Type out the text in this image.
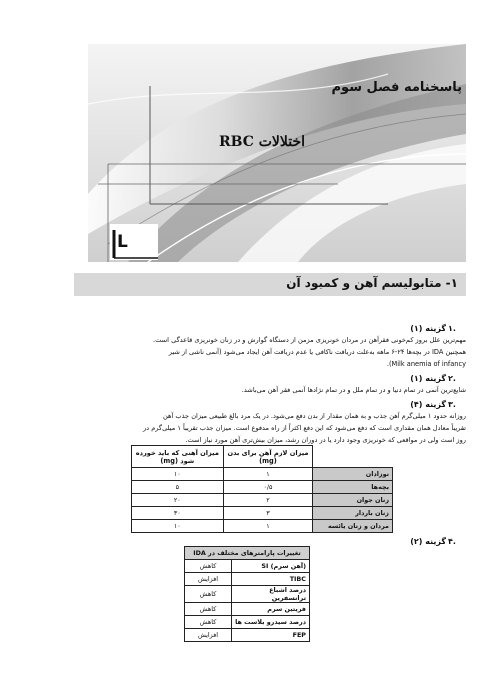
پاسخنامه فصل سوم
اختلالات RBC
L
۱- متابولیسم آهن و کمبود آن
۱.
گزینه (۱)
مهم‌ترین علل بروز کم‌خونی فقرآهن در مردان خونریزی مزمن از دستگاه گوارش و در زنان خونریزی قاعدگی است.
همچنین IDA در بچه‌ها ۲۴-۶ ماهه به‌علت دریافت ناکافی یا عدم دریافت آهن ایجاد می‌شود (آنمی ناشی از شیر
Milk anemia of infancy).
۲.
گزینه (۱)
شایع‌ترین آنمی در تمام دنیا و در تمام ملل و در تمام نژادها آنمی فقر آهن می‌باشد.
۳.
گزینه (۴)
روزانه حدود ۱ میلی‌گرم آهن جذب و به همان مقدار از بدن دفع می‌شود. در یک مرد بالغ طبیعی میزان جذب آهن
تقریباً معادل همان مقداری است که دفع می‌شود که این دفع اکثراً از راه مدفوع است. میزان جذب تقریباً ۱ میلی‌گرم در
روز است ولی در مواقعی که خونریزی وجود دارد یا در دوران رشد، میزان بیش‌تری آهن مورد نیاز است.
	میزان لازم آهن برای بدن (mg)	میزان آهنی که باید خورده شود (mg)
نوزادان	۱	۱۰
بچه‌ها	۰/۵	۵
زنان جوان	۲	۲۰
زنان باردار	۳	۳۰
مردان و زنان یائسه	۱	۱۰
۴.
گزینه (۲)
تغییرات پارامترهای مختلف در IDA	
(آهن سرم) SI	کاهش
TIBC	افزایش
درصد اشباع ترانسفرین	کاهش
فریتین سرم	کاهش
درصد سیدرو بلاست ها	کاهش
FEP	افزایش
